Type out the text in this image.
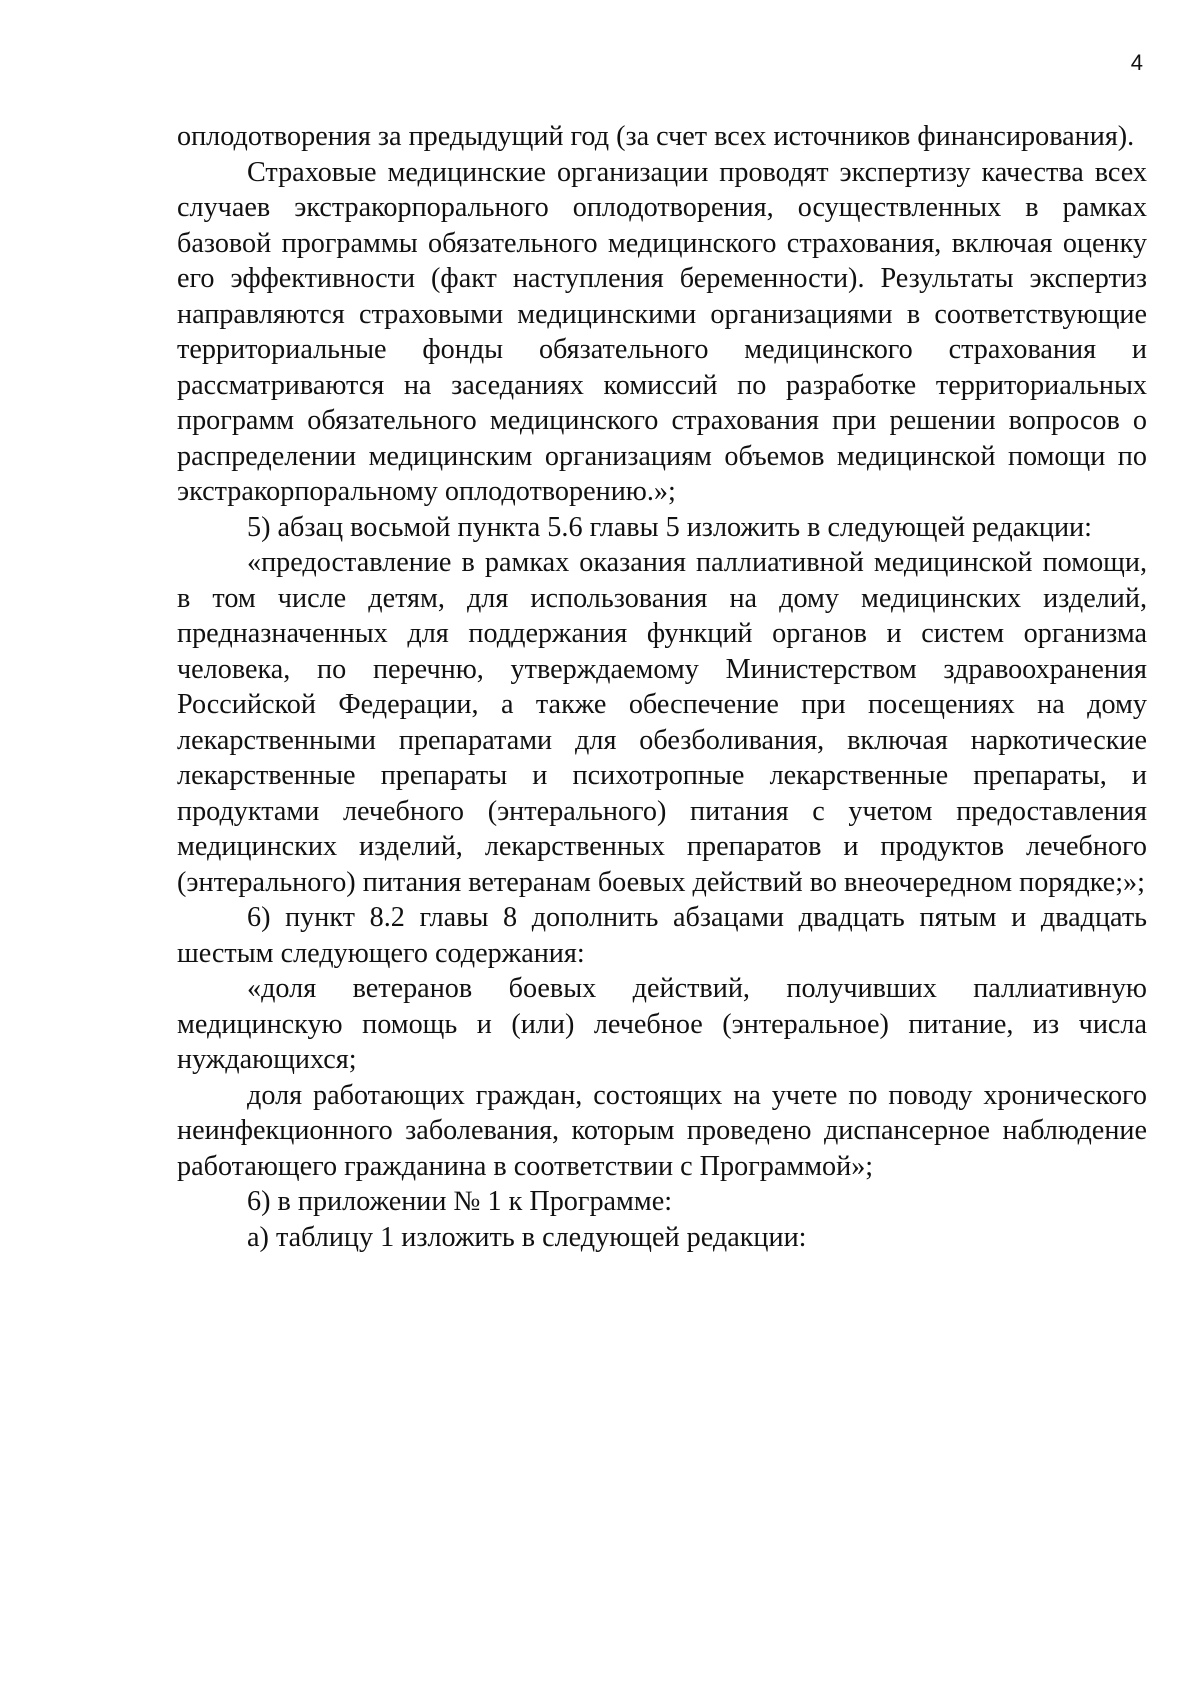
4

оплодотворения за предыдущий год (за счет всех источников финансирования).

Страховые медицинские организации проводят экспертизу качества всех случаев экстракорпорального оплодотворения, осуществленных в рамках базовой программы обязательного медицинского страхования, включая оценку его эффективности (факт наступления беременности). Результаты экспертиз направляются страховыми медицинскими организациями в соответствующие территориальные фонды обязательного медицинского страхования и рассматриваются на заседаниях комиссий по разработке территориальных программ обязательного медицинского страхования при решении вопросов о распределении медицинским организациям объемов медицинской помощи по экстракорпоральному оплодотворению.»;

5) абзац восьмой пункта 5.6 главы 5 изложить в следующей редакции:

«предоставление в рамках оказания паллиативной медицинской помощи, в том числе детям, для использования на дому медицинских изделий, предназначенных для поддержания функций органов и систем организма человека, по перечню, утверждаемому Министерством здравоохранения Российской Федерации, а также обеспечение при посещениях на дому лекарственными препаратами для обезболивания, включая наркотические лекарственные препараты и психотропные лекарственные препараты, и продуктами лечебного (энтерального) питания с учетом предоставления медицинских изделий, лекарственных препаратов и продуктов лечебного (энтерального) питания ветеранам боевых действий во внеочередном порядке;»;

6) пункт 8.2 главы 8 дополнить абзацами двадцать пятым и двадцать шестым следующего содержания:

«доля ветеранов боевых действий, получивших паллиативную медицинскую помощь и (или) лечебное (энтеральное) питание, из числа нуждающихся;

доля работающих граждан, состоящих на учете по поводу хронического неинфекционного заболевания, которым проведено диспансерное наблюдение работающего гражданина в соответствии с Программой»;

6) в приложении № 1 к Программе:

а) таблицу 1 изложить в следующей редакции:
